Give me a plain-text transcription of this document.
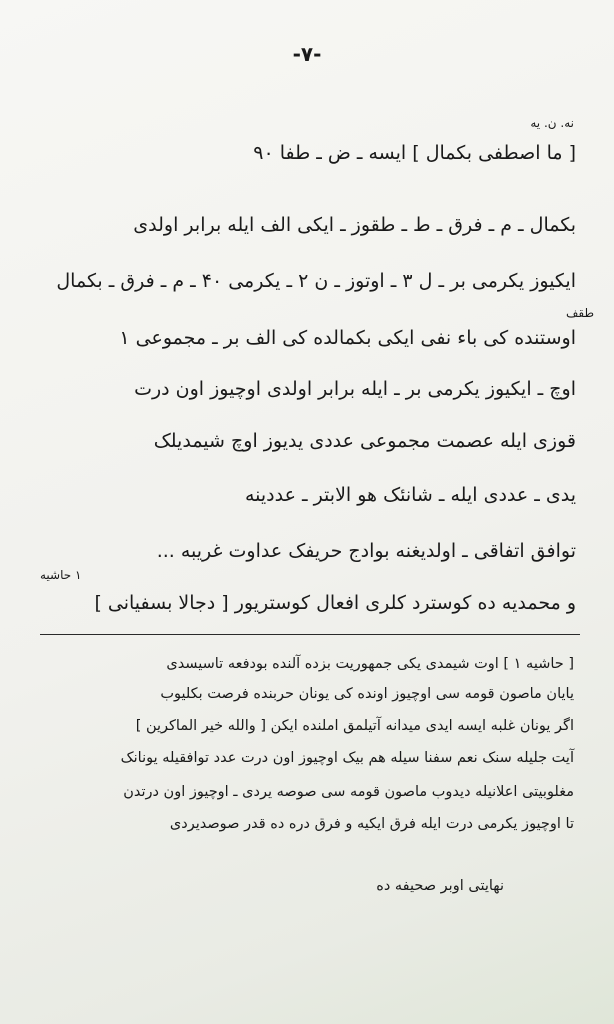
-۷-
نه. ن. یه
طقف
۱ حاشیه
[ ما اصطفی بکمال ] ایسه ـ ض ـ طفا ۹۰
بکمال ـ م ـ فرق ـ ط ـ طقوز ـ ایکی الف ایله برابر اولدی
ایکیوز یکرمی بر ـ ل ۳ ـ اوتوز ـ ن ۲ ـ یکرمی ۴۰ ـ م ـ فرق ـ بکمال
اوستنده کی باء نفی ایکی بکمالده کی الف بر ـ مجموعی ۱
اوچ ـ ایکیوز یکرمی بر ـ ایله برابر اولدی اوچیوز اون درت
قوزی ایله عصمت مجموعی عددی یدیوز اوچ شیمدیلک
یدی ـ عددی ایله ـ شانئک هو الابتر ـ عددینه
توافق اتفاقی ـ اولدیغنه بوادج حریفک عداوت غریبه ...
و محمدیه ده کوسترد کلری افعال کوستریور [ دجالا بسفیانی ]
[ حاشیه ۱ ] اوت شیمدی یکی جمهوریت بزده آلنده بودفعه تاسیسدی
یایان ماصون قومه سی اوچیوز اونده کی یونان حربنده فرصت بکلیوب
اگر یونان غلبه ایسه ایدی میدانه آتیلمق املنده ایکن [ والله خیر الماکرین ]
آیت جلیله سنک نعم سفنا سیله هم بیک اوچیوز اون درت عدد توافقیله یونانک
مغلوبیتی اعلانیله دیدوب ماصون قومه سی صوصه یردی ـ اوچیوز اون درتدن
تا اوچیوز یکرمی درت ایله فرق ایکیه و فرق دره ده قدر صوصدیردی
نهایتی اوبر صحیفه ده
